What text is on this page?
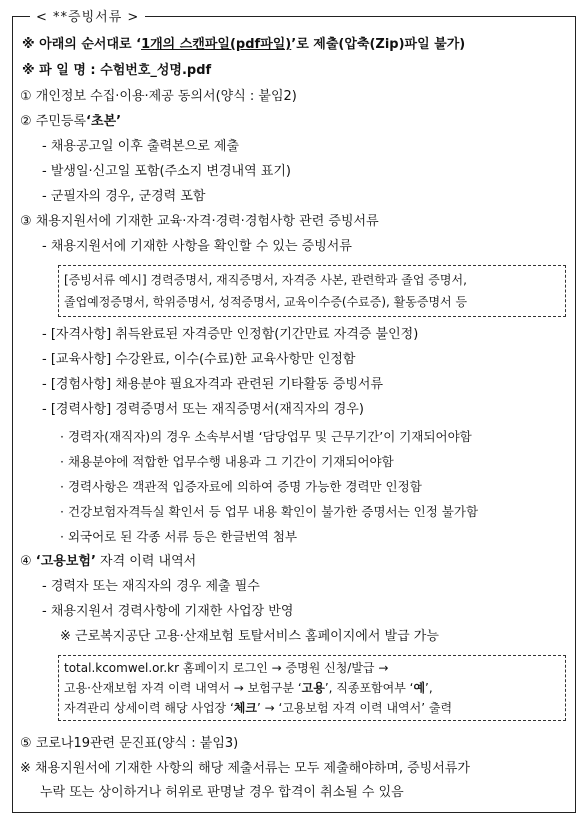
< **증빙서류 >
※ 아래의 순서대로 ‘1개의 스캔파일(pdf파일)’로 제출(압축(Zip)파일 불가)
※ 파 일 명 : 수험번호_성명.pdf
① 개인정보 수집·이용·제공 동의서(양식 : 붙임2)
② 주민등록‘초본’
- 채용공고일 이후 출력본으로 제출
- 발생일·신고일 포함(주소지 변경내역 표기)
- 군필자의 경우, 군경력 포함
③ 채용지원서에 기재한 교육·자격·경력·경험사항 관련 증빙서류
- 채용지원서에 기재한 사항을 확인할 수 있는 증빙서류
[증빙서류 예시] 경력증명서, 재직증명서, 자격증 사본, 관련학과 졸업 증명서,
졸업예정증명서, 학위증명서, 성적증명서, 교육이수증(수료증), 활동증명서 등
- [자격사항] 취득완료된 자격증만 인정함(기간만료 자격증 불인정)
- [교육사항] 수강완료, 이수(수료)한 교육사항만 인정함
- [경험사항] 채용분야 필요자격과 관련된 기타활동 증빙서류
- [경력사항] 경력증명서 또는 재직증명서(재직자의 경우)
· 경력자(재직자)의 경우 소속부서별 ‘담당업무 및 근무기간’이 기재되어야함
· 채용분야에 적합한 업무수행 내용과 그 기간이 기재되어야함
· 경력사항은 객관적 입증자료에 의하여 증명 가능한 경력만 인정함
· 건강보험자격득실 확인서 등 업무 내용 확인이 불가한 증명서는 인정 불가함
· 외국어로 된 각종 서류 등은 한글번역 첨부
④ ‘고용보험’ 자격 이력 내역서
- 경력자 또는 재직자의 경우 제출 필수
- 채용지원서 경력사항에 기재한 사업장 반영
※ 근로복지공단 고용·산재보험 토탈서비스 홈페이지에서 발급 가능
total.kcomwel.or.kr 홈페이지 로그인 → 증명원 신청/발급 →
고용·산재보험 자격 이력 내역서 → 보험구분 ‘고용’, 직종포함여부 ‘예’,
자격관리 상세이력 해당 사업장 ‘체크’ → ‘고용보험 자격 이력 내역서’ 출력
⑤ 코로나19관련 문진표(양식 : 붙임3)
※ 채용지원서에 기재한 사항의 해당 제출서류는 모두 제출해야하며, 증빙서류가
누락 또는 상이하거나 허위로 판명날 경우 합격이 취소될 수 있음
